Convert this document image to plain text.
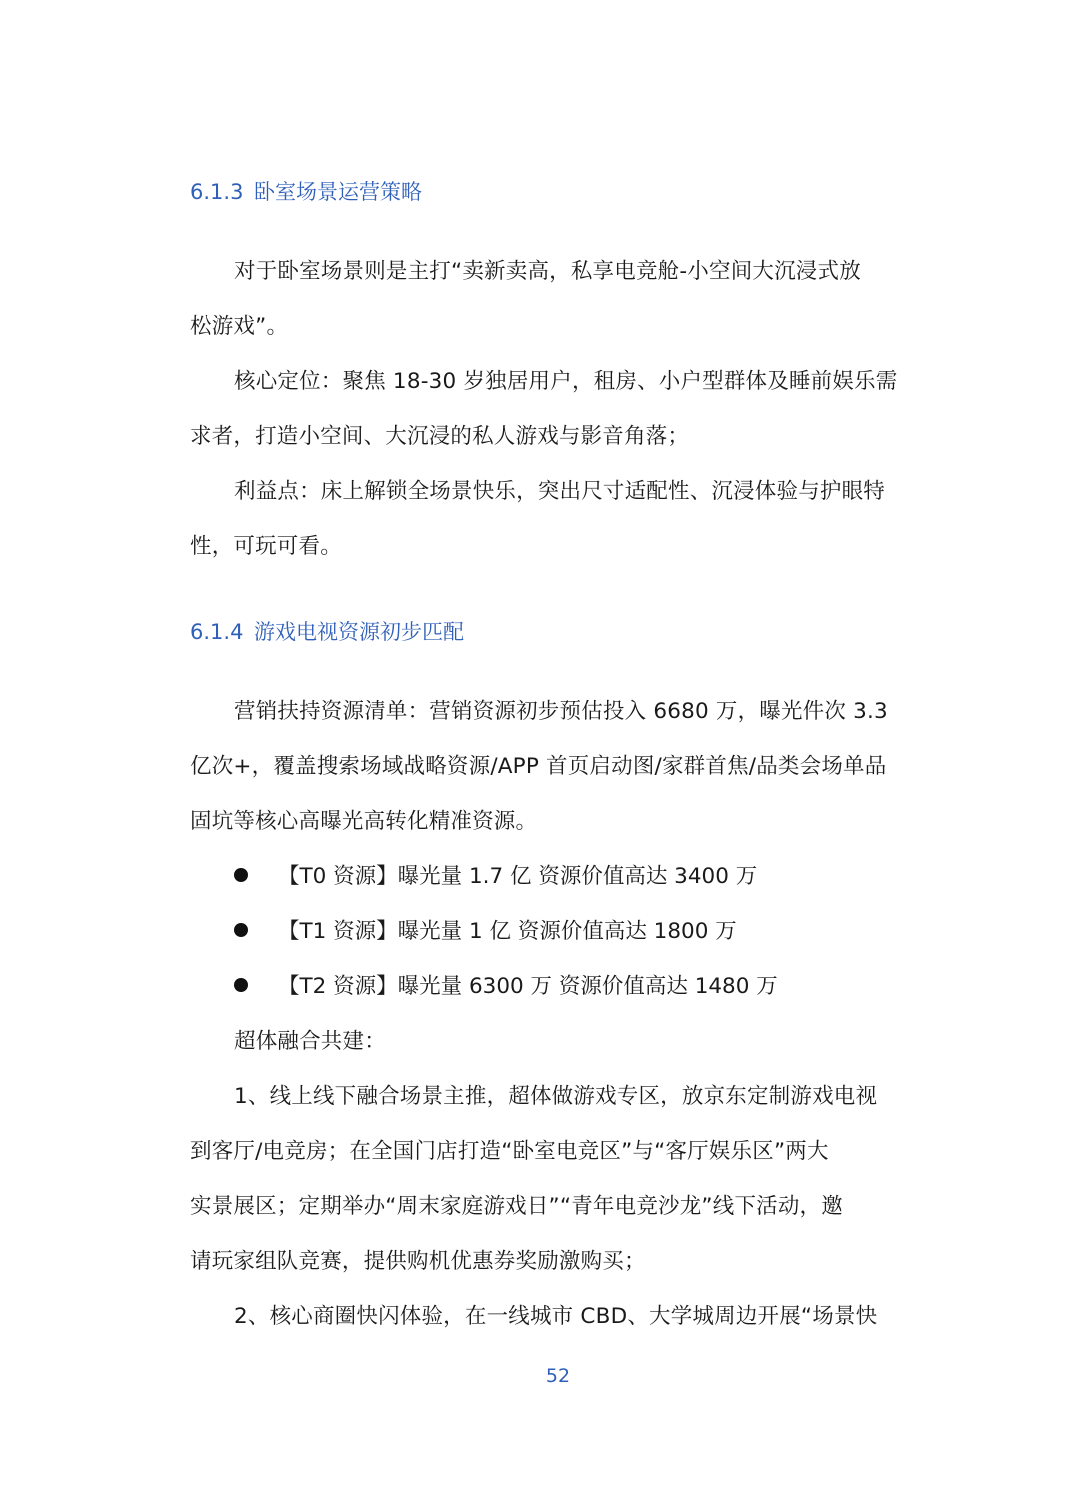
6.1.3 卧室场景运营策略
对于卧室场景则是主打“卖新卖高，私享电竞舱-小空间大沉浸式放
松游戏”。
核心定位：聚焦 18-30 岁独居用户，租房、小户型群体及睡前娱乐需
求者，打造小空间、大沉浸的私人游戏与影音角落；
利益点：床上解锁全场景快乐，突出尺寸适配性、沉浸体验与护眼特
性，可玩可看。
6.1.4 游戏电视资源初步匹配
营销扶持资源清单：营销资源初步预估投入 6680 万，曝光件次 3.3
亿次+，覆盖搜索场域战略资源/APP 首页启动图/家群首焦/品类会场单品
固坑等核心高曝光高转化精准资源。
【T0 资源】曝光量 1.7 亿 资源价值高达 3400 万
【T1 资源】曝光量 1 亿 资源价值高达 1800 万
【T2 资源】曝光量 6300 万 资源价值高达 1480 万
超体融合共建：
1、线上线下融合场景主推，超体做游戏专区，放京东定制游戏电视
到客厅/电竞房；在全国门店打造“卧室电竞区”与“客厅娱乐区”两大
实景展区；定期举办“周末家庭游戏日”“青年电竞沙龙”线下活动，邀
请玩家组队竞赛，提供购机优惠券奖励激购买；
2、核心商圈快闪体验，在一线城市 CBD、大学城周边开展“场景快
52
